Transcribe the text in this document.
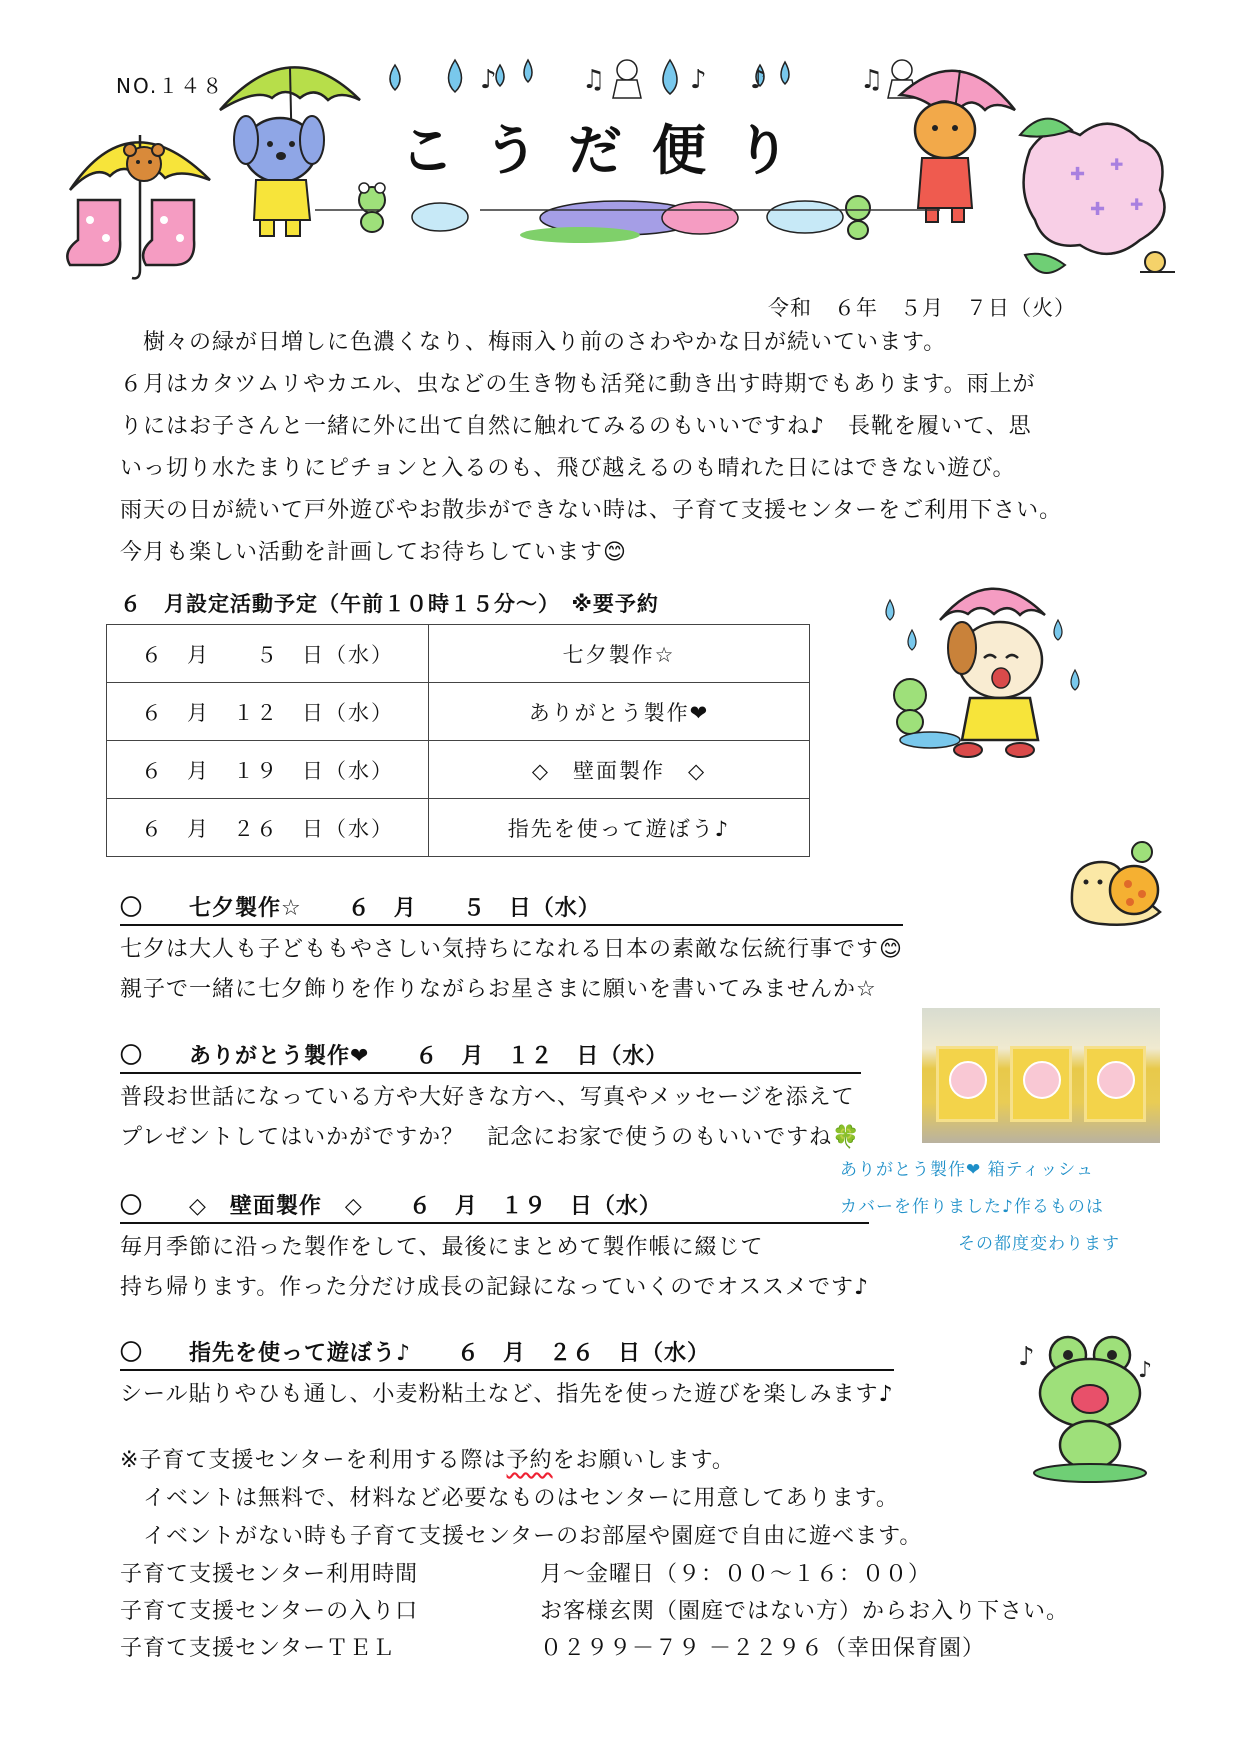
NO.１４８	♪	♫	♪ ♪	♫
✚ ✚
✚ ✚
こうだ便り
令和　６年　５月　７日（火）
　樹々の緑が日増しに色濃くなり、梅雨入り前のさわやかな日が続いています。
６月はカタツムリやカエル、虫などの生き物も活発に動き出す時期でもあります。雨上が
りにはお子さんと一緒に外に出て自然に触れてみるのもいいですね♪　長靴を履いて、思
いっ切り水たまりにピチョンと入るのも、飛び越えるのも晴れた日にはできない遊び。
雨天の日が続いて戸外遊びやお散歩ができない時は、子育て支援センターをご利用下さい。
今月も楽しい活動を計画してお待ちしています😊
６　月設定活動予定（午前１０時１５分～）　※要予約
６　月　　５　日（水）	七夕製作☆
６　月　１２　日（水）	ありがとう製作❤
６　月　１９　日（水）	◇　壁面製作　◇
６　月　２６　日（水）	指先を使って遊ぼう♪
〇　　七夕製作☆　　６　月　　５　日（水）
七夕は大人も子どももやさしい気持ちになれる日本の素敵な伝統行事です😊
親子で一緒に七夕飾りを作りながらお星さまに願いを書いてみませんか☆
〇　　ありがとう製作❤　　６　月　１２　日（水）
普段お世話になっている方や大好きな方へ、写真やメッセージを添えて
プレゼントしてはいかがですか？　記念にお家で使うのもいいですね🍀
〇　　◇　壁面製作　◇　　６　月　１９　日（水）
毎月季節に沿った製作をして、最後にまとめて製作帳に綴じて
持ち帰ります。作った分だけ成長の記録になっていくのでオススメです♪
〇　　指先を使って遊ぼう♪　　６　月　２６　日（水）
シール貼りやひも通し、小麦粉粘土など、指先を使った遊びを楽しみます♪
ありがとう製作❤ 箱ティッシュ
カバーを作りました♪作るものは
その都度変わります
♪	♪
※子育て支援センターを利用する際は予約をお願いします。
　イベントは無料で、材料など必要なものはセンターに用意してあります。
　イベントがない時も子育て支援センターのお部屋や園庭で自由に遊べます。
子育て支援センター利用時間	月～金曜日（９：００～１６：００）
子育て支援センターの入り口	お客様玄関（園庭ではない方）からお入り下さい。
子育て支援センターＴＥＬ	０２９９－７９ －２２９６（幸田保育園）
